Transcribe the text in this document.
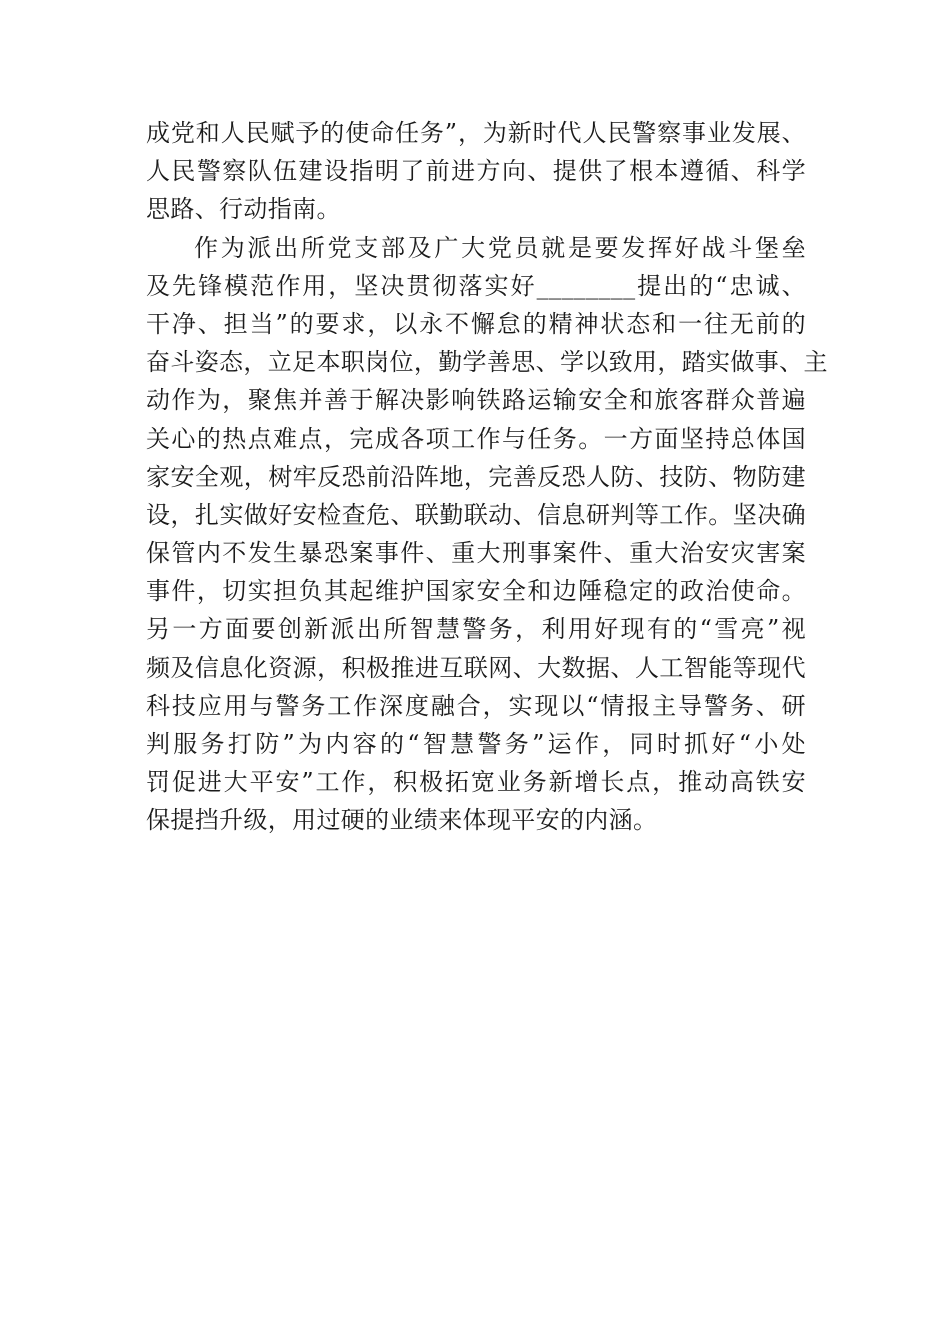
成党和人民赋予的使命任务”，为新时代人民警察事业发展、
人民警察队伍建设指明了前进方向、提供了根本遵循、科学
思路、行动指南。
作为派出所党支部及广大党员就是要发挥好战斗堡垒
及先锋模范作用，坚决贯彻落实好________提出的“忠诚、
干净、担当”的要求，以永不懈怠的精神状态和一往无前的
奋斗姿态，立足本职岗位，勤学善思、学以致用，踏实做事、主
动作为，聚焦并善于解决影响铁路运输安全和旅客群众普遍
关心的热点难点，完成各项工作与任务。一方面坚持总体国
家安全观，树牢反恐前沿阵地，完善反恐人防、技防、物防建
设，扎实做好安检查危、联勤联动、信息研判等工作。坚决确
保管内不发生暴恐案事件、重大刑事案件、重大治安灾害案
事件，切实担负其起维护国家安全和边陲稳定的政治使命。
另一方面要创新派出所智慧警务，利用好现有的“雪亮”视
频及信息化资源，积极推进互联网、大数据、人工智能等现代
科技应用与警务工作深度融合，实现以“情报主导警务、研
判服务打防”为内容的“智慧警务”运作，同时抓好“小处
罚促进大平安”工作，积极拓宽业务新增长点，推动高铁安
保提挡升级，用过硬的业绩来体现平安的内涵。
